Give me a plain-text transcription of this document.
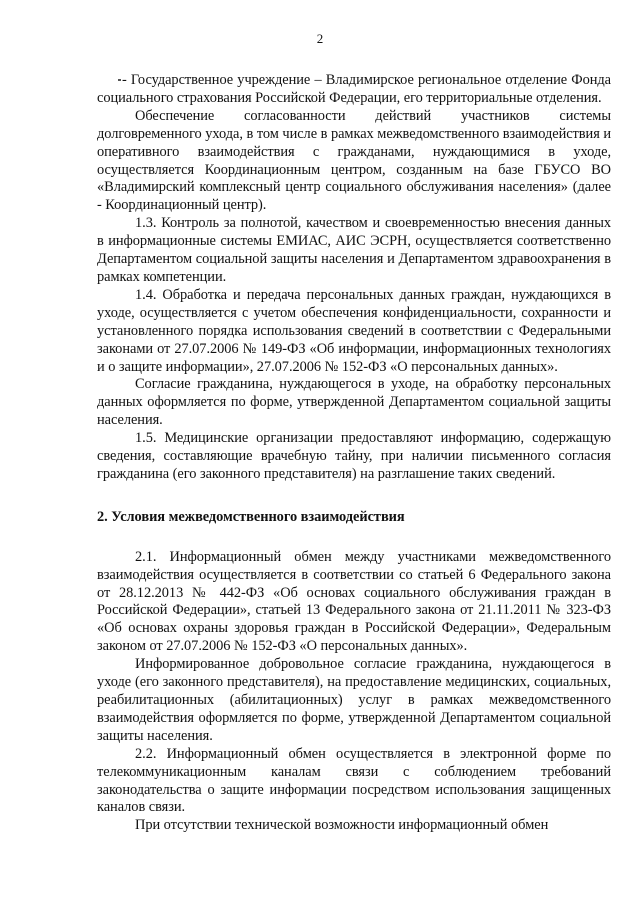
2

- Государственное учреждение – Владимирское региональное отделение Фонда социального страхования Российской Федерации, его территориальные отделения.

Обеспечение согласованности действий участников системы долговременного ухода, в том числе в рамках межведомственного взаимодействия и оперативного взаимодействия с гражданами, нуждающимися в уходе, осуществляется Координационным центром, созданным на базе ГБУСО ВО «Владимирский комплексный центр социального обслуживания населения» (далее - Координационный центр).

1.3. Контроль за полнотой, качеством и своевременностью внесения данных в информационные системы ЕМИАС, АИС ЭСРН, осуществляется соответственно Департаментом социальной защиты населения и Департаментом здравоохранения в рамках компетенции.

1.4. Обработка и передача персональных данных граждан, нуждающихся в уходе, осуществляется с учетом обеспечения конфиденциальности, сохранности и установленного порядка использования сведений в соответствии с Федеральными законами от 27.07.2006 № 149-ФЗ «Об информации, информационных технологиях и о защите информации», 27.07.2006 № 152-ФЗ «О персональных данных».

Согласие гражданина, нуждающегося в уходе, на обработку персональных данных оформляется по форме, утвержденной Департаментом социальной защиты населения.

1.5. Медицинские организации предоставляют информацию, содержащую сведения, составляющие врачебную тайну, при наличии письменного согласия гражданина (его законного представителя) на разглашение таких сведений.

2. Условия межведомственного взаимодействия

2.1. Информационный обмен между участниками межведомственного взаимодействия осуществляется в соответствии со статьей 6 Федерального закона от 28.12.2013 № 442-ФЗ «Об основах социального обслуживания граждан в Российской Федерации», статьей 13 Федерального закона от 21.11.2011 № 323-ФЗ «Об основах охраны здоровья граждан в Российской Федерации», Федеральным законом от 27.07.2006 № 152-ФЗ «О персональных данных».

Информированное добровольное согласие гражданина, нуждающегося в уходе (его законного представителя), на предоставление медицинских, социальных, реабилитационных (абилитационных) услуг в рамках межведомственного взаимодействия оформляется по форме, утвержденной Департаментом социальной защиты населения.

2.2. Информационный обмен осуществляется в электронной форме по телекоммуникационным каналам связи с соблюдением требований законодательства о защите информации посредством использования защищенных каналов связи.

При отсутствии технической возможности информационный обмен
